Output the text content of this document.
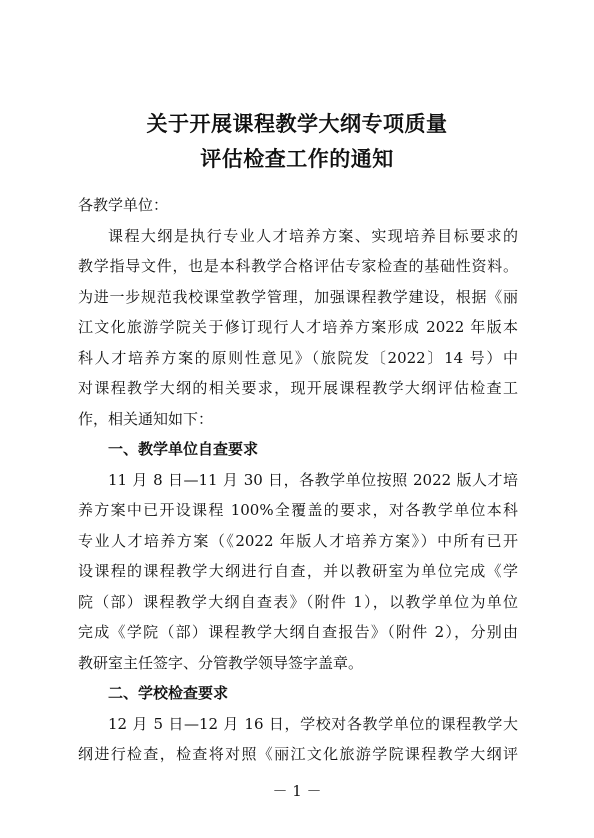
关于开展课程教学大纲专项质量
评估检查工作的通知
各教学单位：
课程大纲是执行专业人才培养方案、实现培养目标要求的
教学指导文件，也是本科教学合格评估专家检查的基础性资料。
为进一步规范我校课堂教学管理，加强课程教学建设，根据《丽
江文化旅游学院关于修订现行人才培养方案形成 2022 年版本
科人才培养方案的原则性意见》（旅院发〔2022〕14 号）中
对课程教学大纲的相关要求，现开展课程教学大纲评估检查工
作，相关通知如下：
一、教学单位自查要求
11 月 8 日—11 月 30 日，各教学单位按照 2022 版人才培
养方案中已开设课程 100%全覆盖的要求，对各教学单位本科
专业人才培养方案（《2022 年版人才培养方案》）中所有已开
设课程的课程教学大纲进行自查，并以教研室为单位完成《学
院（部）课程教学大纲自查表》（附件 1），以教学单位为单位
完成《学院（部）课程教学大纲自查报告》（附件 2），分别由
教研室主任签字、分管教学领导签字盖章。
二、学校检查要求
12 月 5 日—12 月 16 日，学校对各教学单位的课程教学大
纲进行检查，检查将对照《丽江文化旅游学院课程教学大纲评
－ 1 －
